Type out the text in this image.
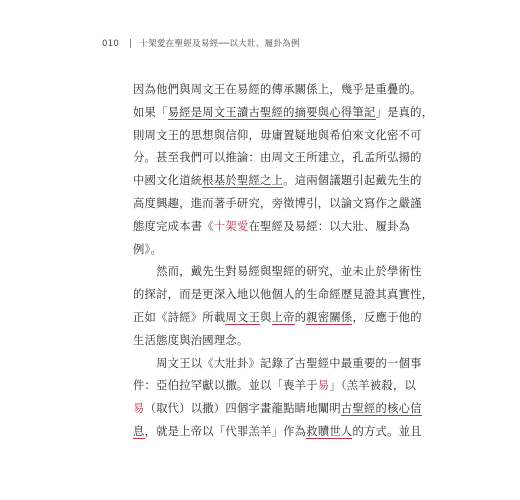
010 | 十架愛在聖經及易經──以大壯、履卦為例
因為他們與周文王在易經的傳承關係上，幾乎是重疊的。
如果「易經是周文王讀古聖經的摘要與心得筆記」是真的，
則周文王的思想與信仰，毋庸置疑地與希伯來文化密不可
分。甚至我們可以推論：由周文王所建立，孔孟所弘揚的
中國文化道統根基於聖經之上。這兩個議題引起戴先生的
高度興趣，進而著手研究，旁徵博引，以論文寫作之嚴謹
態度完成本書《十架愛在聖經及易經：以大壯、履卦為
例》。
　　然而，戴先生對易經與聖經的研究，並未止於學術性
的探討，而是更深入地以他個人的生命經歷見證其真實性，
正如《詩經》所載周文王與上帝的親密關係，反應于他的
生活態度與治國理念。
　　周文王以《大壯卦》記錄了古聖經中最重要的一個事
件：亞伯拉罕獻以撒。並以「喪羊于易」（羔羊被殺，以
易（取代）以撒）四個字畫龍點睛地闡明古聖經的核心信
息，就是上帝以「代罪羔羊」作為救贖世人的方式。並且
